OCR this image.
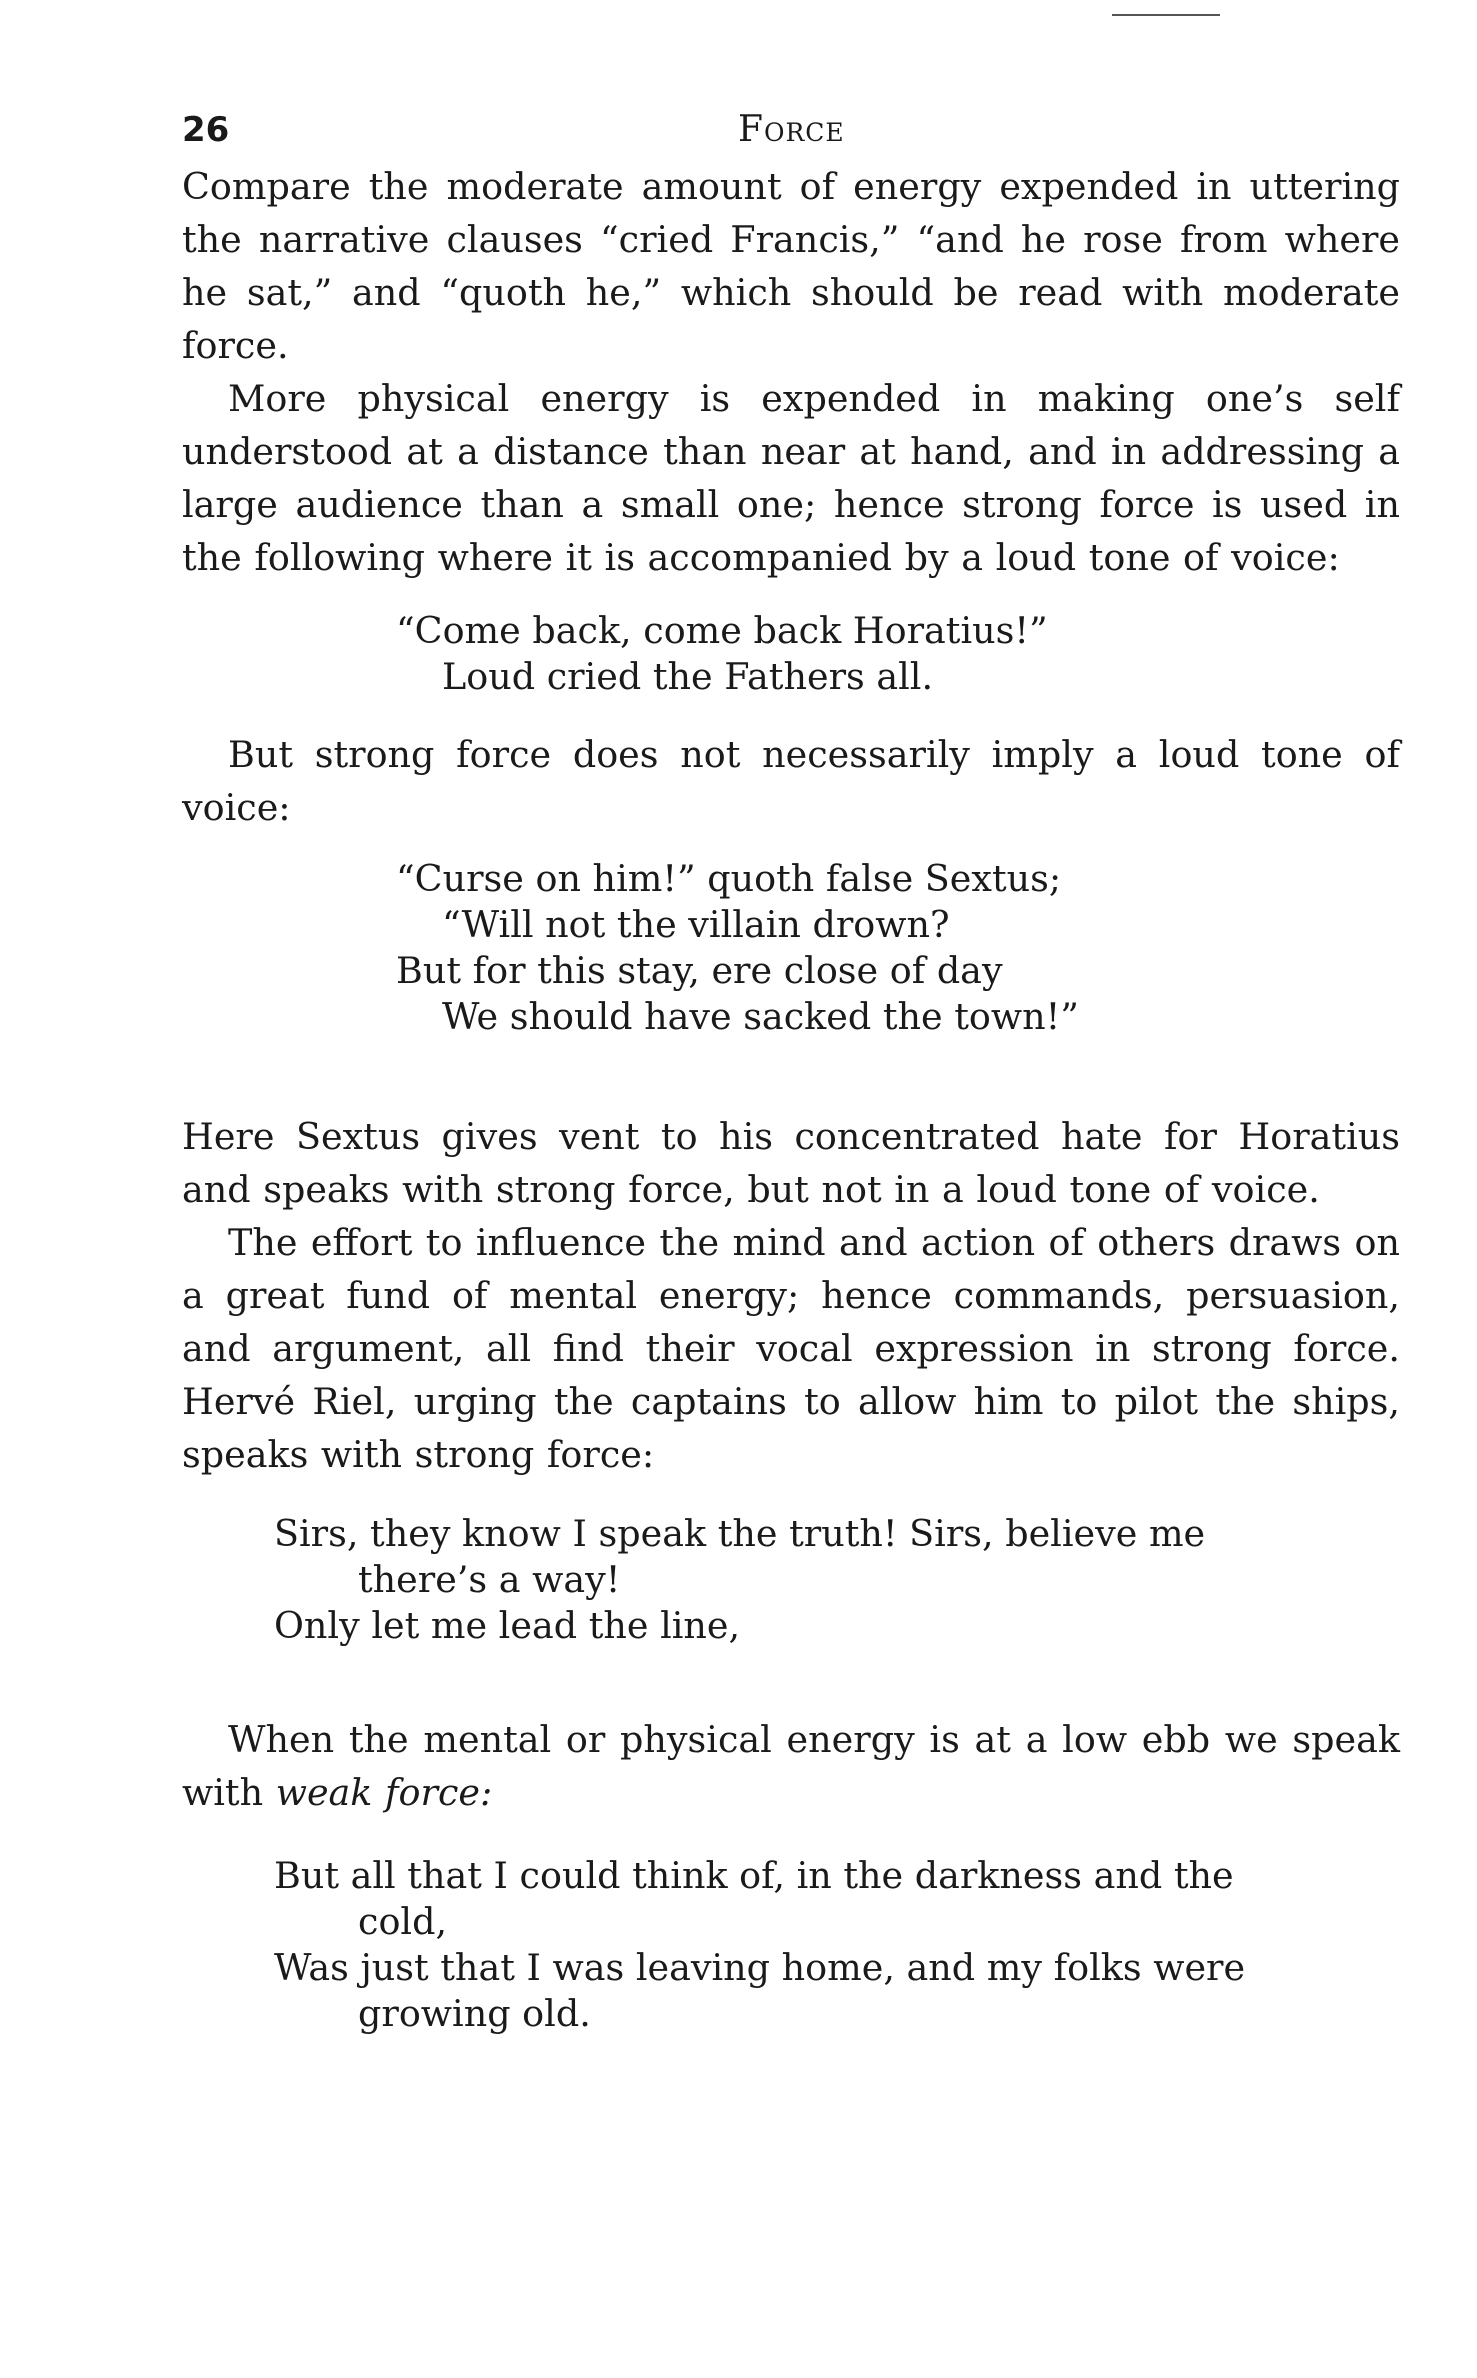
26	Force

Compare the moderate amount of energy expended in uttering the narrative clauses “cried Francis,” “and he rose from where he sat,” and “quoth he,” which should be read with moderate force.

More physical energy is expended in making one’s self understood at a distance than near at hand, and in addressing a large audience than a small one; hence strong force is used in the following where it is accompanied by a loud tone of voice:

“Come back, come back Horatius!”
Loud cried the Fathers all.

But strong force does not necessarily imply a loud tone of voice:

“Curse on him!” quoth false Sextus;
“Will not the villain drown?
But for this stay, ere close of day
We should have sacked the town!”

Here Sextus gives vent to his concentrated hate for Horatius and speaks with strong force, but not in a loud tone of voice.

The effort to influence the mind and action of others draws on a great fund of mental energy; hence commands, persuasion, and argument, all find their vocal expression in strong force. Hervé Riel, urging the captains to allow him to pilot the ships, speaks with strong force:

Sirs, they know I speak the truth! Sirs, believe me
there’s a way!
Only let me lead the line,

When the mental or physical energy is at a low ebb we speak with weak force:

But all that I could think of, in the darkness and the
cold,
Was just that I was leaving home, and my folks were
growing old.
